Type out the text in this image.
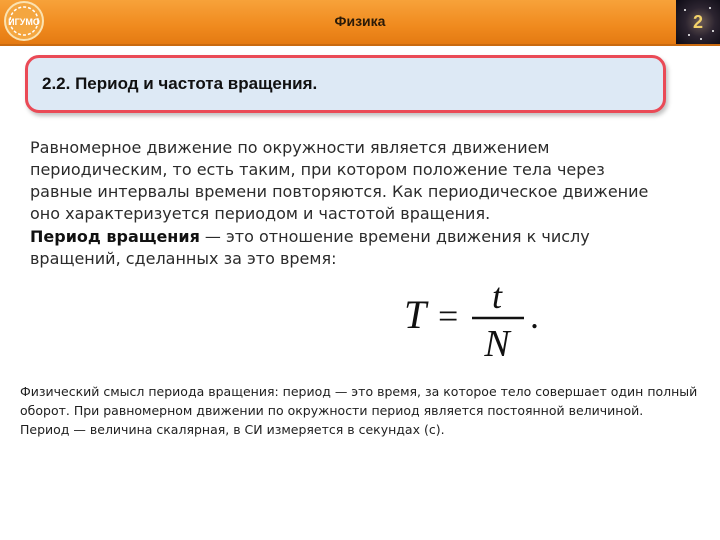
ИГУМО	Физика	2
2.2. Период и частота вращения.

Равномерное движение по окружности является движением периодическим, то есть таким, при котором положение тела через равные интервалы времени повторяются. Как периодическое движение оно характеризуется периодом и частотой вращения.

Период вращения — это отношение времени движения к числу вращений, сделанных за это время:

T = t
N
.

Физический смысл периода вращения: период — это время, за которое тело совершает один полный оборот. При равномерном движении по окружности период является постоянной величиной.

Период — величина скалярная, в СИ измеряется в секундах (с).
